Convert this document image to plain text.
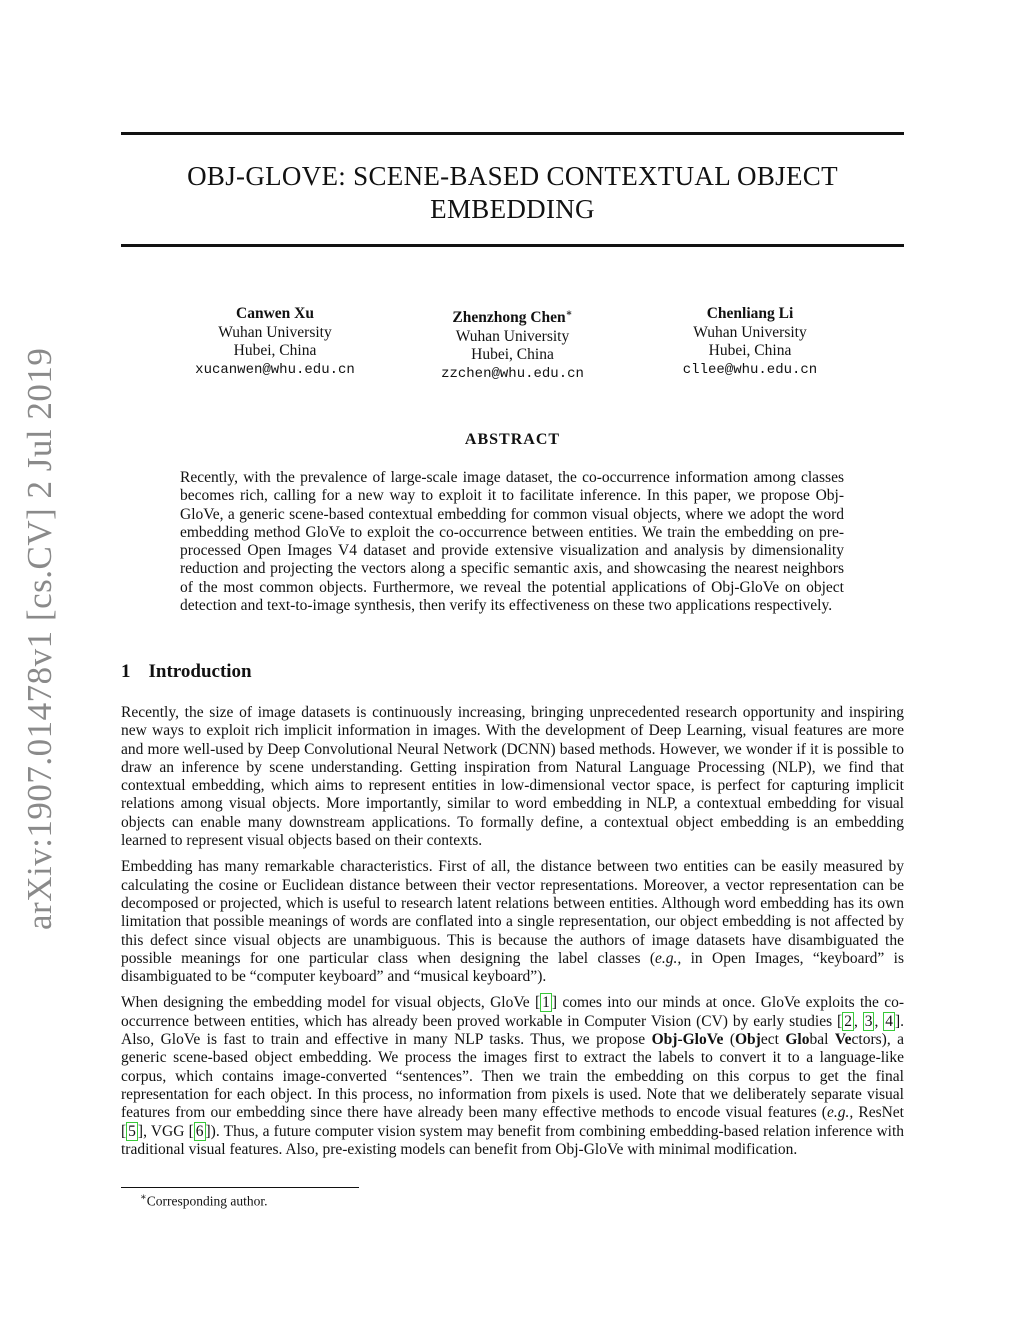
arXiv:1907.01478v1 [cs.CV] 2 Jul 2019
OBJ-GLOVE: SCENE-BASED CONTEXTUAL OBJECT
EMBEDDING
Canwen Xu
Wuhan University
Hubei, China
xucanwen@whu.edu.cn
Zhenzhong Chen∗
Wuhan University
Hubei, China
zzchen@whu.edu.cn
Chenliang Li
Wuhan University
Hubei, China
cllee@whu.edu.cn
ABSTRACT
Recently, with the prevalence of large-scale image dataset, the co-occurrence information among classes becomes rich, calling for a new way to exploit it to facilitate inference. In this paper, we propose Obj-GloVe, a generic scene-based contextual embedding for common visual objects, where we adopt the word embedding method GloVe to exploit the co-occurrence between entities. We train the embedding on pre-processed Open Images V4 dataset and provide extensive visualization and analysis by dimensionality reduction and projecting the vectors along a specific semantic axis, and showcasing the nearest neighbors of the most common objects. Furthermore, we reveal the potential applications of Obj-GloVe on object detection and text-to-image synthesis, then verify its effectiveness on these two applications respectively.
1 Introduction

Recently, the size of image datasets is continuously increasing, bringing unprecedented research opportunity and inspiring new ways to exploit rich implicit information in images. With the development of Deep Learning, visual features are more and more well-used by Deep Convolutional Neural Network (DCNN) based methods. However, we wonder if it is possible to draw an inference by scene understanding. Getting inspiration from Natural Language Processing (NLP), we find that contextual embedding, which aims to represent entities in low-dimensional vector space, is perfect for capturing implicit relations among visual objects. More importantly, similar to word embedding in NLP, a contextual embedding for visual objects can enable many downstream applications. To formally define, a contextual object embedding is an embedding learned to represent visual objects based on their contexts.

Embedding has many remarkable characteristics. First of all, the distance between two entities can be easily measured by calculating the cosine or Euclidean distance between their vector representations. Moreover, a vector representation can be decomposed or projected, which is useful to research latent relations between entities. Although word embedding has its own limitation that possible meanings of words are conflated into a single representation, our object embedding is not affected by this defect since visual objects are unambiguous. This is because the authors of image datasets have disambiguated the possible meanings for one particular class when designing the label classes (e.g., in Open Images, “keyboard” is disambiguated to be “computer keyboard” and “musical keyboard”).

When designing the embedding model for visual objects, GloVe [ 1 ] comes into our minds at once. GloVe exploits the co-occurrence between entities, which has already been proved workable in Computer Vision (CV) by early studies [ 2 , 3 , 4 ]. Also, GloVe is fast to train and effective in many NLP tasks. Thus, we propose Obj-GloVe (Object Global Vectors), a generic scene-based object embedding. We process the images first to extract the labels to convert it to a language-like corpus, which contains image-converted “sentences”. Then we train the embedding on this corpus to get the final representation for each object. In this process, no information from pixels is used. Note that we deliberately separate visual features from our embedding since there have already been many effective methods to encode visual features (e.g., ResNet [ 5 ], VGG [ 6 ]). Thus, a future computer vision system may benefit from combining embedding-based relation inference with traditional visual features. Also, pre-existing models can benefit from Obj-GloVe with minimal modification.

∗Corresponding author.
